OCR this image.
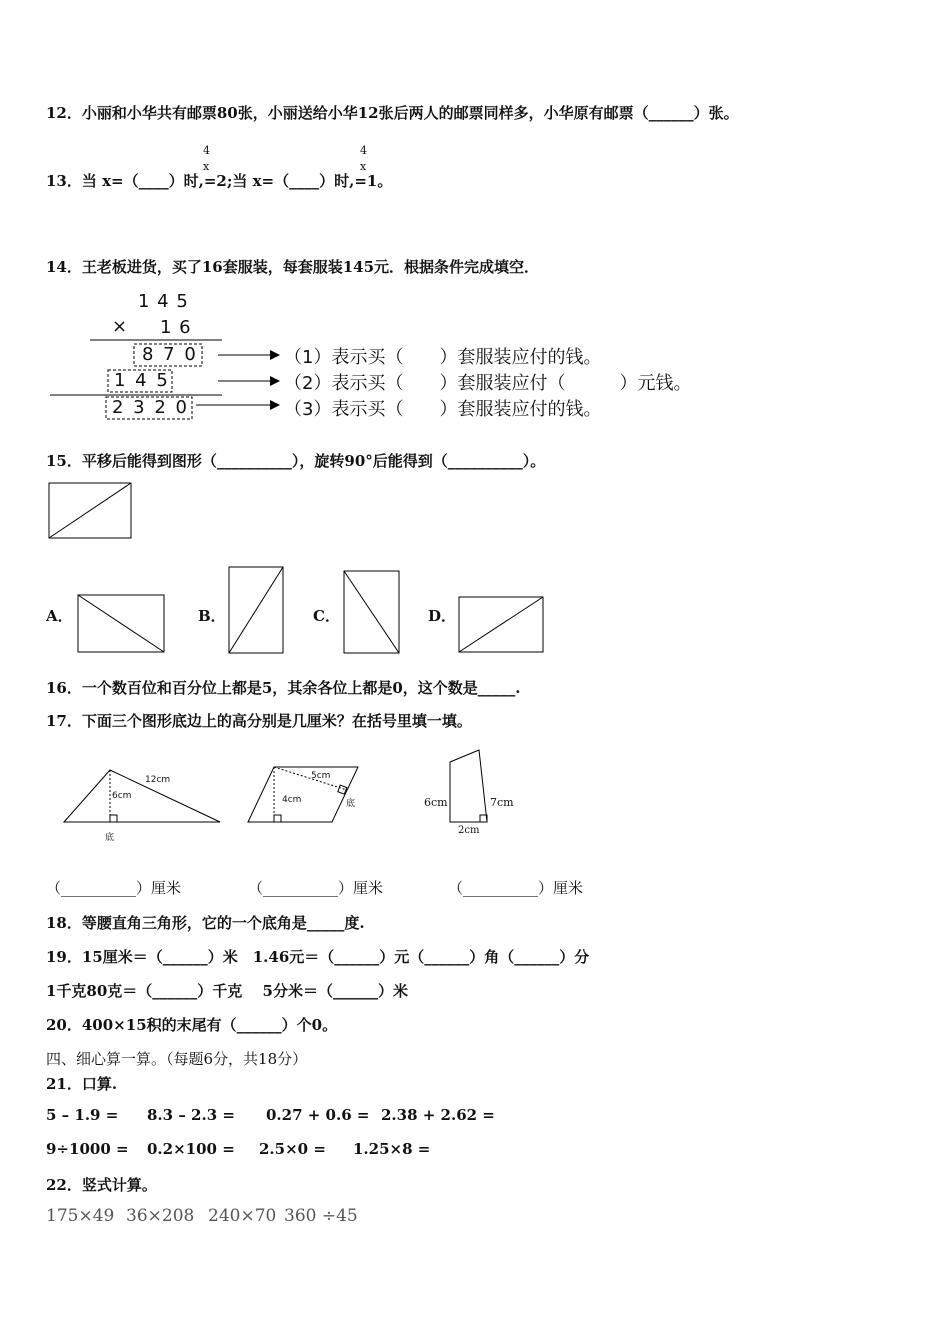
12．小丽和小华共有邮票80张，小丽送给小华12张后两人的邮票同样多，小华原有邮票（______）张。
13．当 x=（____）时,=2;当 x=（____）时,=1。
4
x
4
x
14．王老板进货，买了16套服装，每套服装145元．根据条件完成填空．
1 4 5
× 1 6
8 7 0
1 4 5
2 3 2 0
（1）表示买（　　）套服装应付的钱。
（2）表示买（　　）套服装应付（　　　）元钱。
（3）表示买（　　）套服装应付的钱。
15．平移后能得到图形（__________），旋转90°后能得到（__________）。
A．	B．	C．	D．
16．一个数百位和百分位上都是5，其余各位上都是0，这个数是_____.
17．下面三个图形底边上的高分别是几厘米？在括号里填一填。
12cm
6cm
底
5cm
4cm	底	6cm	7cm
2cm
（__________）厘米	（__________）厘米	（__________）厘米
18．等腰直角三角形，它的一个底角是_____度.
19．15厘米＝（______）米　1.46元＝（______）元（______）角（______）分
1千克80克＝（______）千克　 5分米＝（______）米
20．400×15积的末尾有（______）个0。
四、细心算一算。（每题6分，共18分）
21．口算.
5 – 1.9 = 8.3 – 2.3 = 0.27 + 0.6 = 2.38 + 2.62 =
9÷1000 = 0.2×100 = 2.5×0 = 1.25×8 =
22．竖式计算。
175×49 36×208 240×70 360 ÷45
